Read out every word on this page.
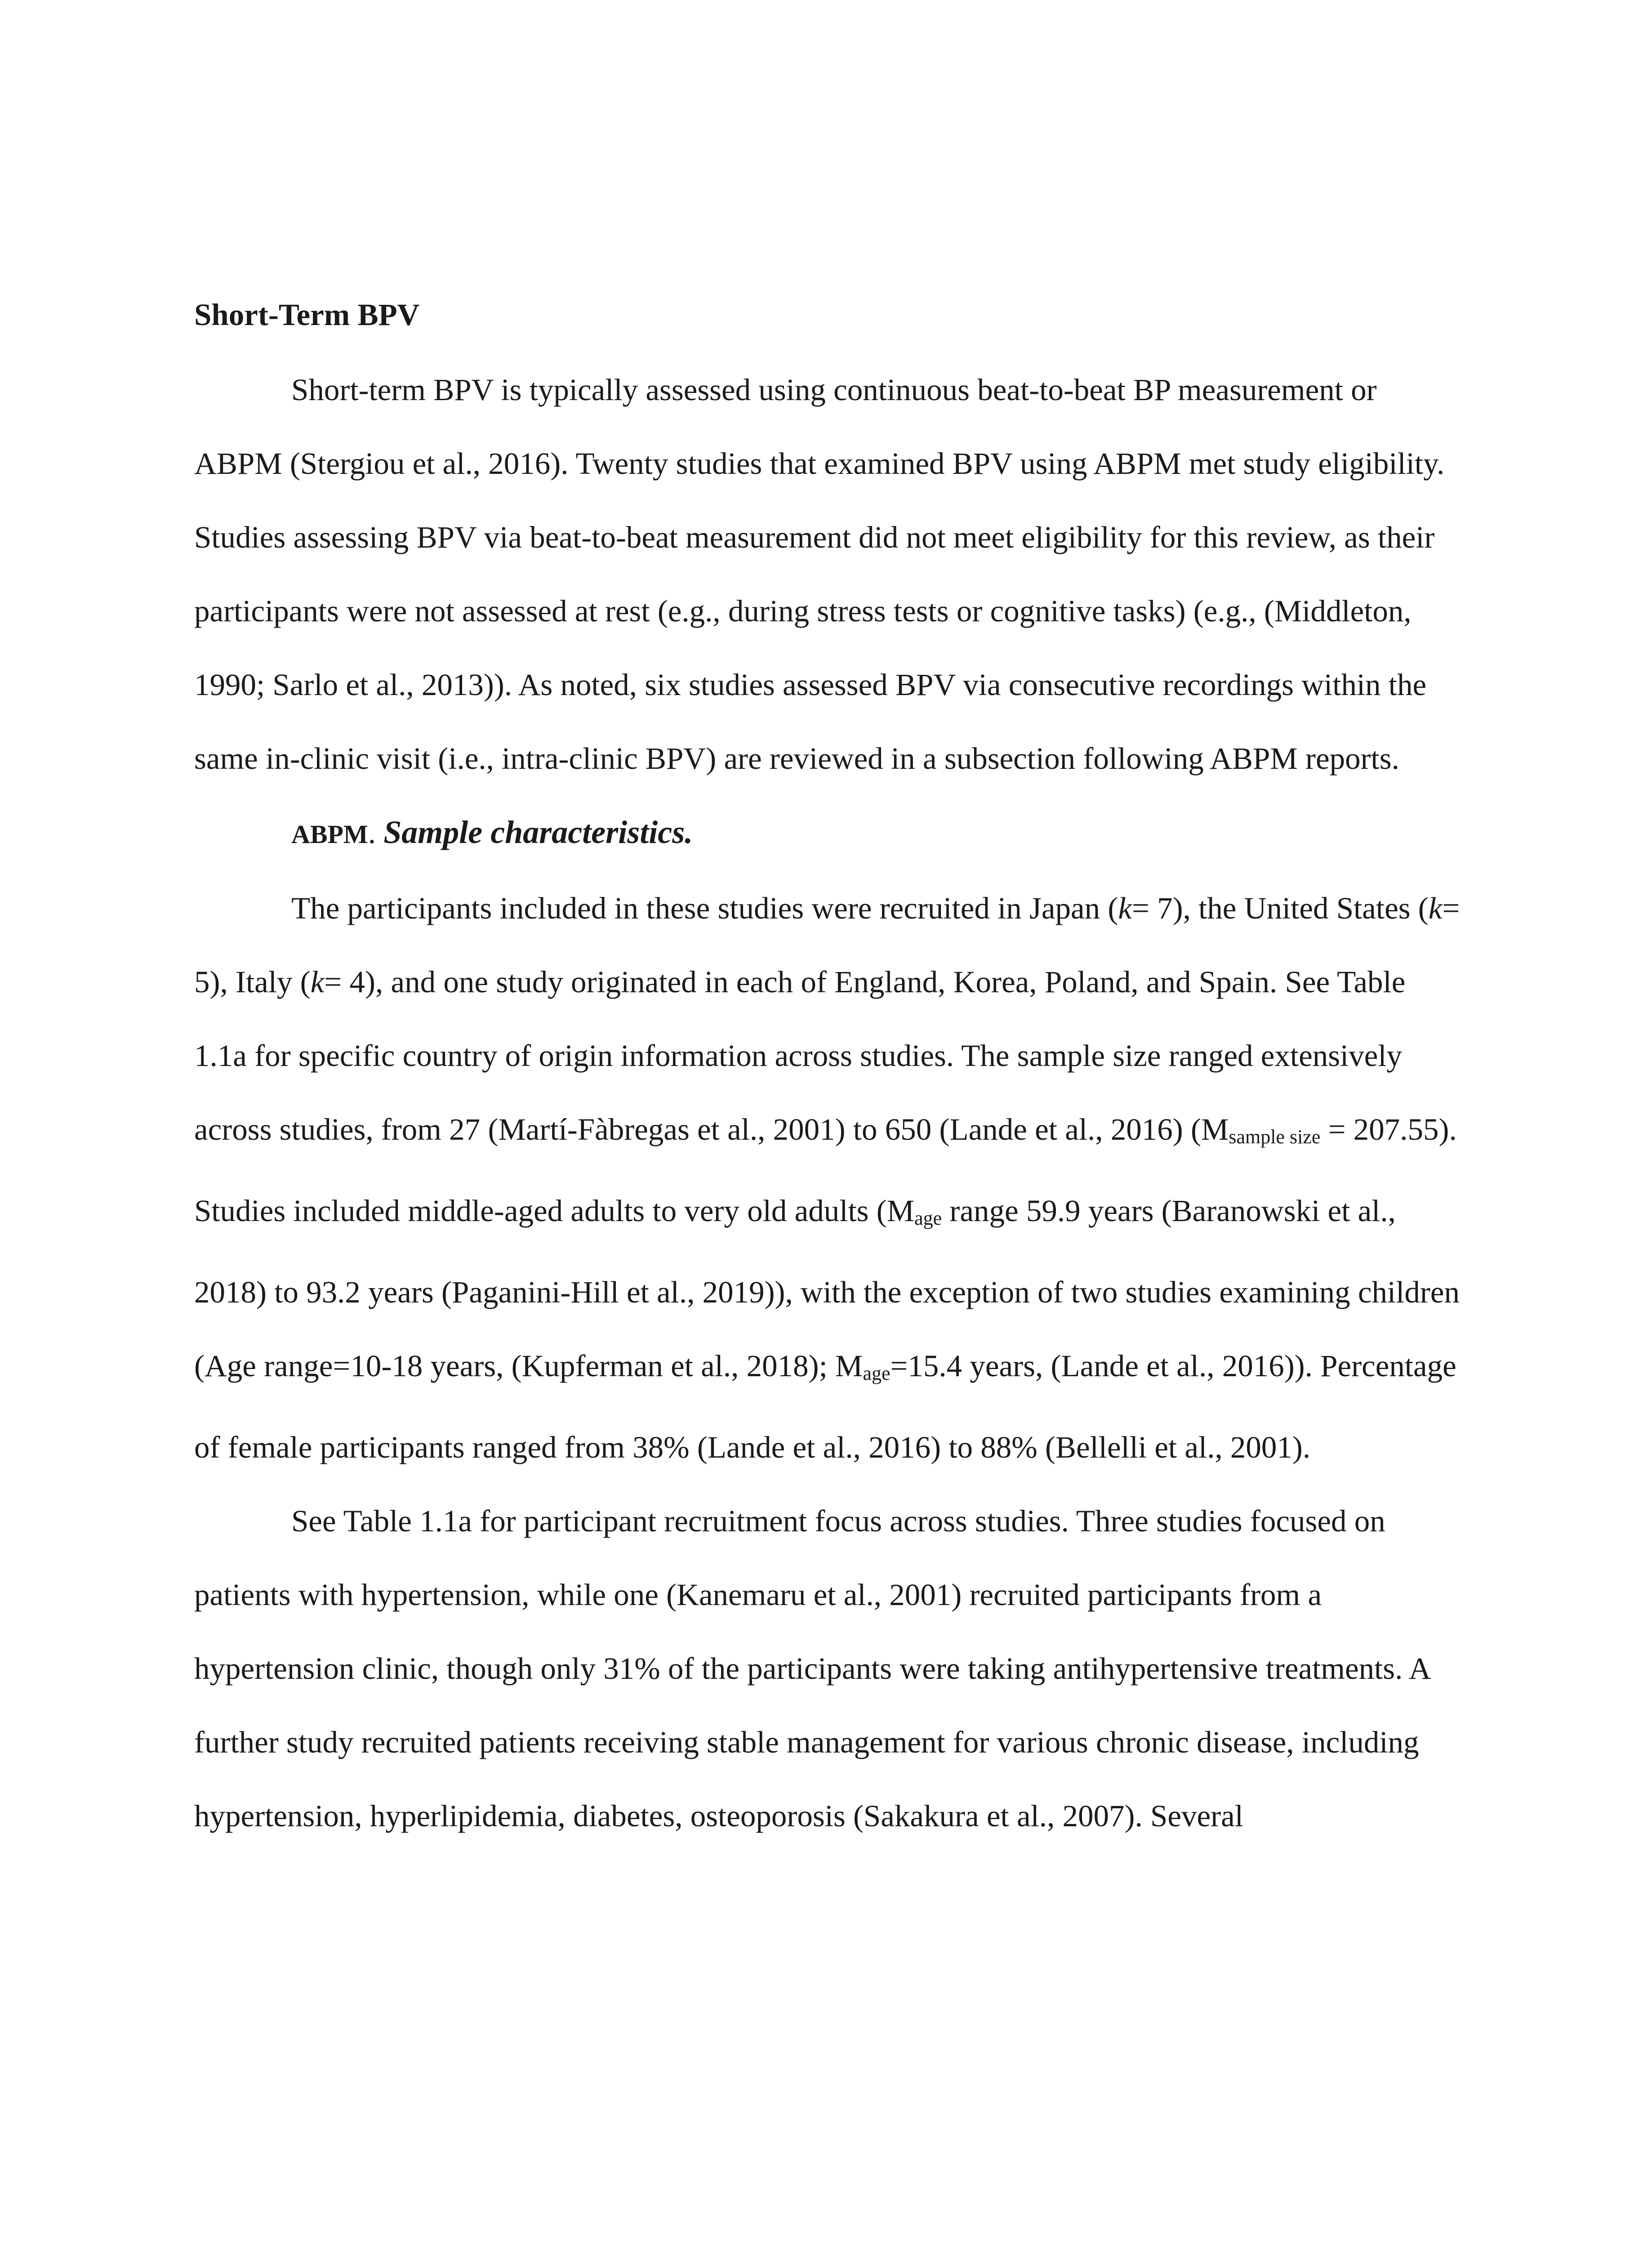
Short-Term BPV

Short-term BPV is typically assessed using continuous beat-to-beat BP measurement or ABPM (Stergiou et al., 2016). Twenty studies that examined BPV using ABPM met study eligibility. Studies assessing BPV via beat-to-beat measurement did not meet eligibility for this review, as their participants were not assessed at rest (e.g., during stress tests or cognitive tasks) (e.g., (Middleton, 1990; Sarlo et al., 2013)). As noted, six studies assessed BPV via consecutive recordings within the same in-clinic visit (i.e., intra-clinic BPV) are reviewed in a subsection following ABPM reports.

ABPM. Sample characteristics.

The participants included in these studies were recruited in Japan (k= 7), the United States (k= 5), Italy (k= 4), and one study originated in each of England, Korea, Poland, and Spain. See Table 1.1a for specific country of origin information across studies. The sample size ranged extensively across studies, from 27 (Martí-Fàbregas et al., 2001) to 650 (Lande et al., 2016) (Msample size = 207.55). Studies included middle-aged adults to very old adults (Mage range 59.9 years (Baranowski et al., 2018) to 93.2 years (Paganini-Hill et al., 2019)), with the exception of two studies examining children (Age range=10-18 years, (Kupferman et al., 2018); Mage=15.4 years, (Lande et al., 2016)). Percentage of female participants ranged from 38% (Lande et al., 2016) to 88% (Bellelli et al., 2001).

See Table 1.1a for participant recruitment focus across studies. Three studies focused on patients with hypertension, while one (Kanemaru et al., 2001) recruited participants from a hypertension clinic, though only 31% of the participants were taking antihypertensive treatments. A further study recruited patients receiving stable management for various chronic disease, including hypertension, hyperlipidemia, diabetes, osteoporosis (Sakakura et al., 2007). Several
